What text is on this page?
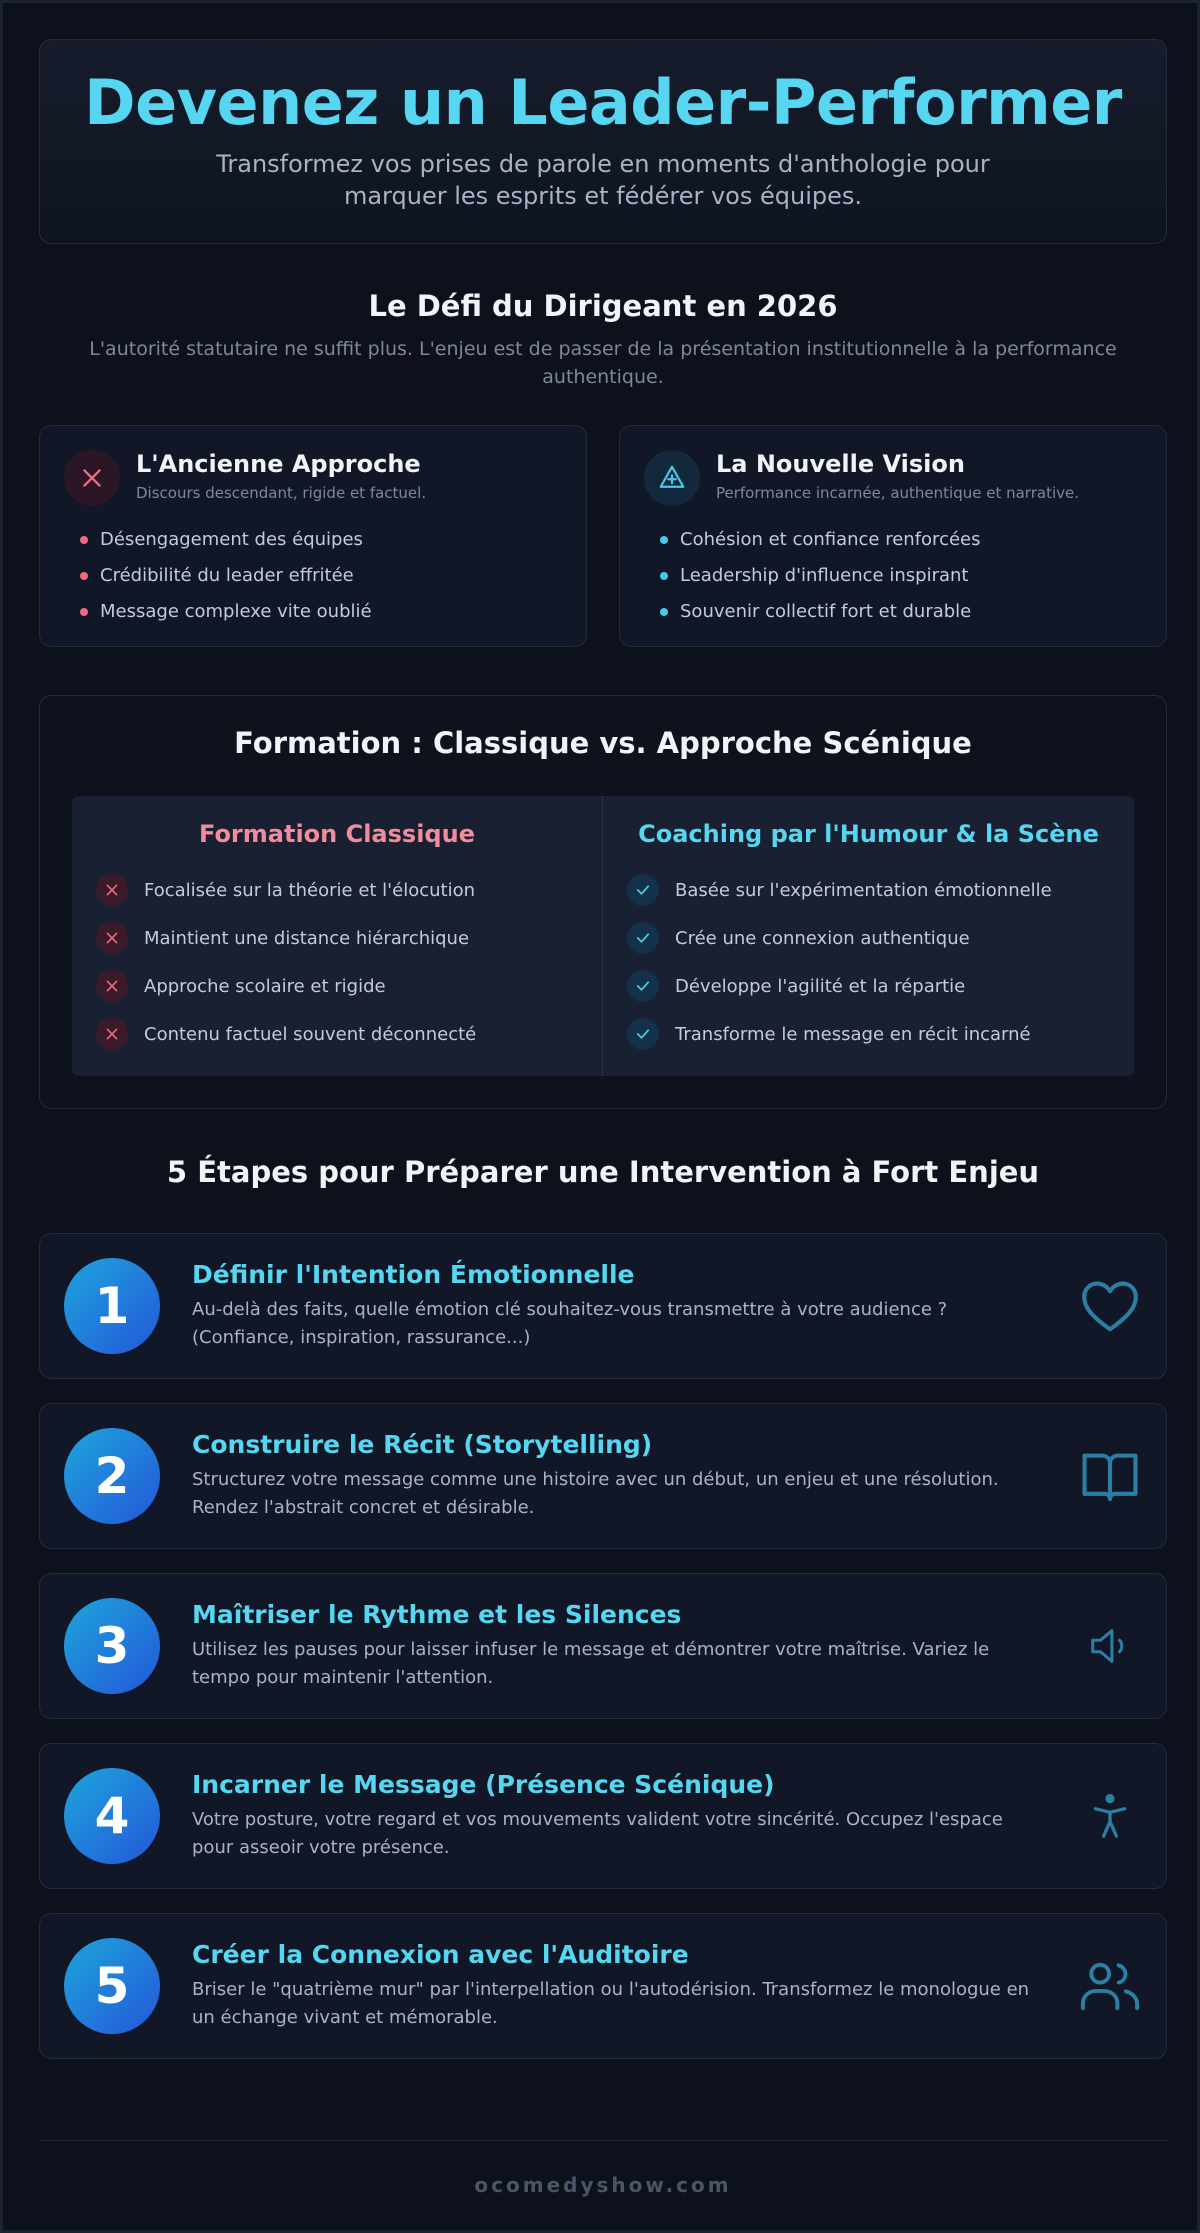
Devenez un Leader-Performer
Transformez vos prises de parole en moments d'anthologie pour marquer les esprits et fédérer vos équipes.
Le Défi du Dirigeant en 2026
L'autorité statutaire ne suffit plus. L'enjeu est de passer de la présentation institutionnelle à la performance authentique.
L'Ancienne Approche
Discours descendant, rigide et factuel.
Désengagement des équipes
Crédibilité du leader effritée
Message complexe vite oublié
La Nouvelle Vision
Performance incarnée, authentique et narrative.
Cohésion et confiance renforcées
Leadership d'influence inspirant
Souvenir collectif fort et durable
Formation : Classique vs. Approche Scénique
Formation Classique
Focalisée sur la théorie et l'élocution
Maintient une distance hiérarchique
Approche scolaire et rigide
Contenu factuel souvent déconnecté
Coaching par l'Humour & la Scène
Basée sur l'expérimentation émotionnelle
Crée une connexion authentique
Développe l'agilité et la répartie
Transforme le message en récit incarné
5 Étapes pour Préparer une Intervention à Fort Enjeu
1
Définir l'Intention Émotionnelle
Au-delà des faits, quelle émotion clé souhaitez-vous transmettre à votre audience ? (Confiance, inspiration, rassurance...)
2
Construire le Récit (Storytelling)
Structurez votre message comme une histoire avec un début, un enjeu et une résolution. Rendez l'abstrait concret et désirable.
3
Maîtriser le Rythme et les Silences
Utilisez les pauses pour laisser infuser le message et démontrer votre maîtrise. Variez le tempo pour maintenir l'attention.
4
Incarner le Message (Présence Scénique)
Votre posture, votre regard et vos mouvements valident votre sincérité. Occupez l'espace pour asseoir votre présence.
5
Créer la Connexion avec l'Auditoire
Briser le "quatrième mur" par l'interpellation ou l'autodérision. Transformez le monologue en un échange vivant et mémorable.
ocomedyshow.com
